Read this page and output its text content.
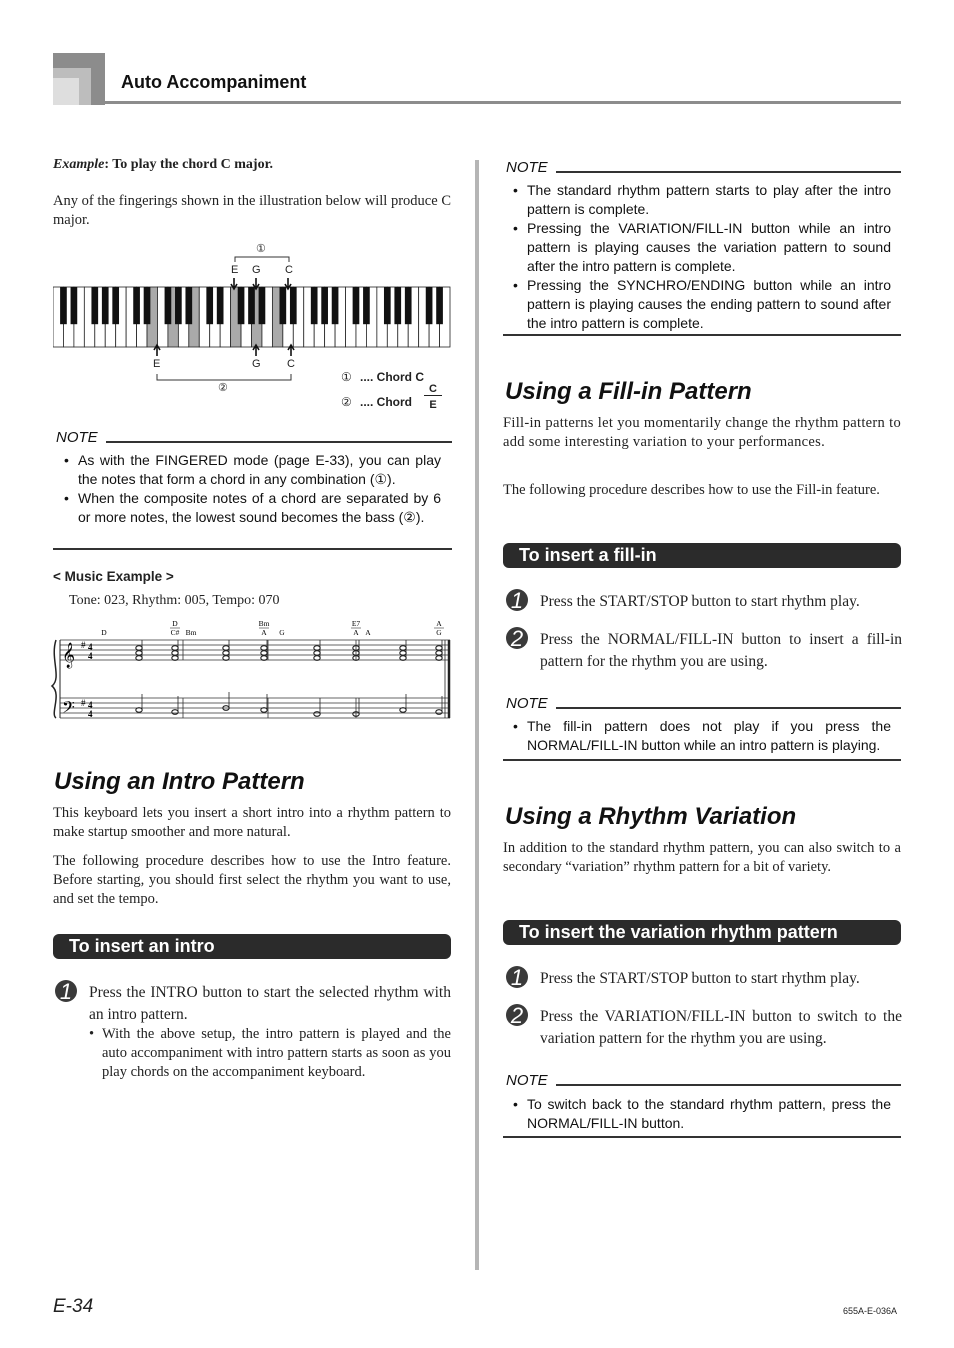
Auto Accompaniment
Example: To play the chord C major.
Any of the fingerings shown in the illustration below will produce C major.
①
E G C
E	G C
②
① .... Chord C
② .... Chord
C
E
NOTE
• As with the FINGERED mode (page E-33), you can play the notes that form a chord in any combination (①).
• When the composite notes of a chord are separated by 6 or more notes, the lowest sound becomes the bass (②).
< Music Example >
Tone: 023, Rhythm: 005, Tempo: 070
𝄞
𝄢
#
#
4
4
4
4
D
D
C# Bm
Bm
A G
E7
A A
A
G
Using an Intro Pattern
This keyboard lets you insert a short intro into a rhythm pattern to make startup smoother and more natural.
The following procedure describes how to use the Intro feature. Before starting, you should first select the rhythm you want to use, and set the tempo.
To insert an intro
1	Press the INTRO button to start the selected rhythm with an intro pattern.
• With the above setup, the intro pattern is played and the auto accompaniment with intro pattern starts as soon as you play chords on the accompaniment keyboard.
NOTE
• The standard rhythm pattern starts to play after the intro pattern is complete.
• Pressing the VARIATION/FILL-IN button while an intro pattern is playing causes the variation pattern to sound after the intro pattern is complete.
• Pressing the SYNCHRO/ENDING button while an intro pattern is playing causes the ending pattern to sound after the intro pattern is complete.
Using a Fill-in Pattern
Fill-in patterns let you momentarily change the rhythm pattern to add some interesting variation to your performances.
The following procedure describes how to use the Fill-in feature.
To insert a fill-in
1	Press the START/STOP button to start rhythm play.
2	Press the NORMAL/FILL-IN button to insert a fill-in pattern for the rhythm you are using.
NOTE
• The fill-in pattern does not play if you press the NORMAL/FILL-IN button while an intro pattern is playing.
Using a Rhythm Variation
In addition to the standard rhythm pattern, you can also switch to a secondary “variation” rhythm pattern for a bit of variety.
To insert the variation rhythm pattern
1	Press the START/STOP button to start rhythm play.
2	Press the VARIATION/FILL-IN button to switch to the variation pattern for the rhythm you are using.
NOTE
• To switch back to the standard rhythm pattern, press the NORMAL/FILL-IN button.
E-34	655A-E-036A
